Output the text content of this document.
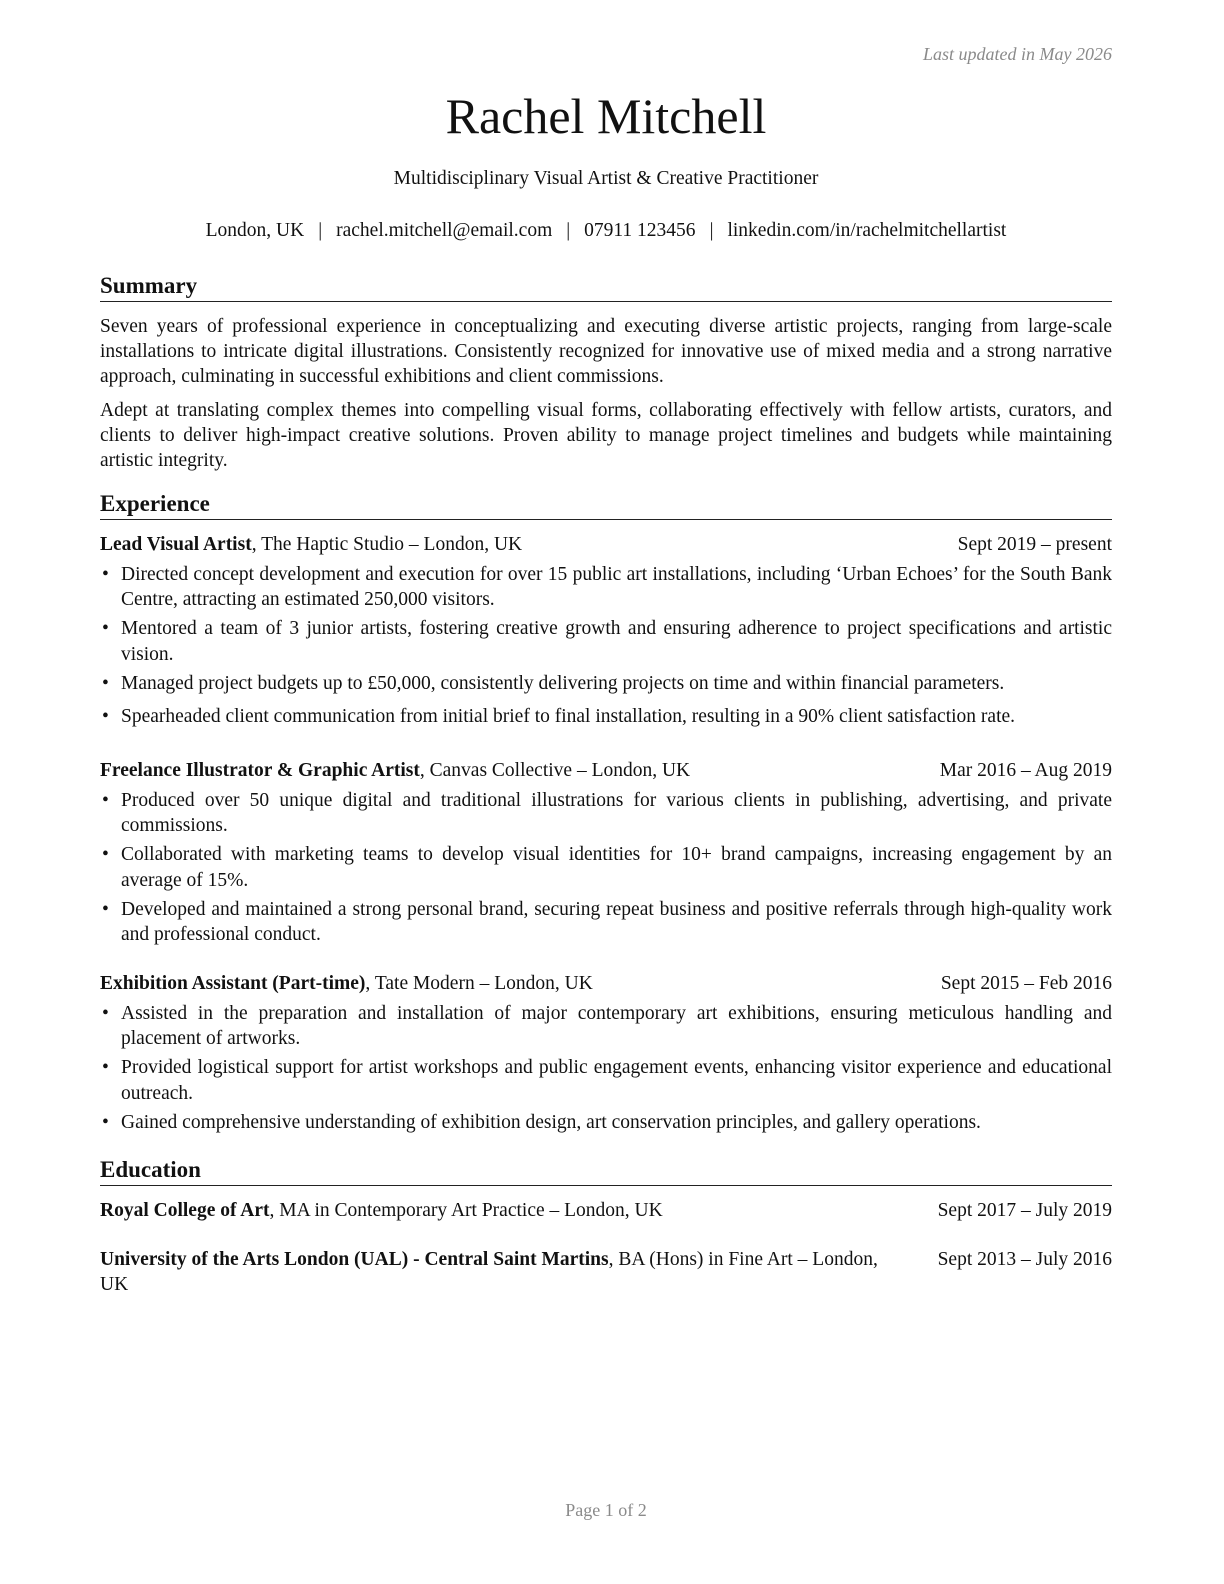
Last updated in May 2026
Rachel Mitchell
Multidisciplinary Visual Artist & Creative Practitioner
London, UK | rachel.mitchell@email.com | 07911 123456 | linkedin.com/in/rachelmitchellartist
Summary
Seven years of professional experience in conceptualizing and executing diverse artistic projects, ranging from large-scale installations to intricate digital illustrations. Consistently recognized for innovative use of mixed media and a strong narrative approach, culminating in successful exhibitions and client commissions.
Adept at translating complex themes into compelling visual forms, collaborating effectively with fellow artists, curators, and clients to deliver high-impact creative solutions. Proven ability to manage project timelines and budgets while maintaining artistic integrity.
Experience
Lead Visual Artist, The Haptic Studio – London, UK	Sept 2019 – present
• Directed concept development and execution for over 15 public art installations, including ‘Urban Echoes’ for the South Bank Centre, attracting an estimated 250,000 visitors.
• Mentored a team of 3 junior artists, fostering creative growth and ensuring adherence to project specifications and artistic vision.
• Managed project budgets up to £50,000, consistently delivering projects on time and within financial parameters.
• Spearheaded client communication from initial brief to final installation, resulting in a 90% client satisfaction rate.
Freelance Illustrator & Graphic Artist, Canvas Collective – London, UK	Mar 2016 – Aug 2019
• Produced over 50 unique digital and traditional illustrations for various clients in publishing, advertising, and private commissions.
• Collaborated with marketing teams to develop visual identities for 10+ brand campaigns, increasing engagement by an average of 15%.
• Developed and maintained a strong personal brand, securing repeat business and positive referrals through high-quality work and professional conduct.
Exhibition Assistant (Part-time), Tate Modern – London, UK	Sept 2015 – Feb 2016
• Assisted in the preparation and installation of major contemporary art exhibitions, ensuring meticulous handling and placement of artworks.
• Provided logistical support for artist workshops and public engagement events, enhancing visitor experience and educational outreach.
• Gained comprehensive understanding of exhibition design, art conservation principles, and gallery operations.
Education
Royal College of Art, MA in Contemporary Art Practice – London, UK	Sept 2017 – July 2019
University of the Arts London (UAL) - Central Saint Martins, BA (Hons) in Fine Art – London, UK
Sept 2013 – July 2016
Page 1 of 2
